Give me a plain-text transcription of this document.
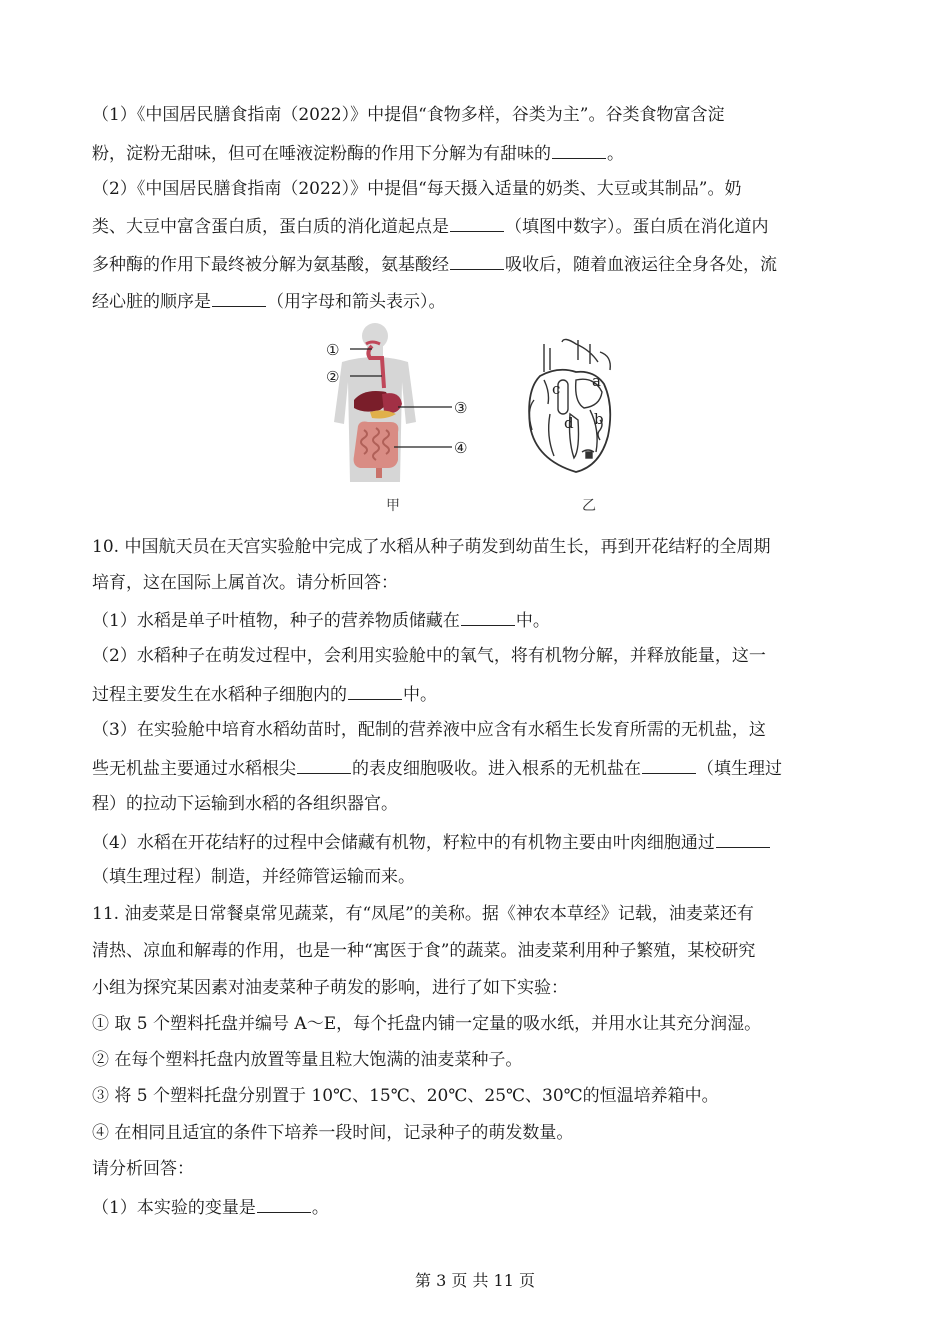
（1）《中国居民膳食指南（2022）》中提倡“食物多样，谷类为主”。谷类食物富含淀
粉，淀粉无甜味，但可在唾液淀粉酶的作用下分解为有甜味的	。
（2）《中国居民膳食指南（2022）》中提倡“每天摄入适量的奶类、大豆或其制品”。奶
类、大豆中富含蛋白质，蛋白质的消化道起点是	（填图中数字）。蛋白质在消化道内
多种酶的作用下最终被分解为氨基酸，氨基酸经	吸收后，随着血液运往全身各处，流
经心脏的顺序是	（用字母和箭头表示）。
①
②
③
④
c a
d b
甲	乙
10. 中国航天员在天宫实验舱中完成了水稻从种子萌发到幼苗生长，再到开花结籽的全周期
培育，这在国际上属首次。请分析回答：
（1）水稻是单子叶植物，种子的营养物质储藏在	中。
（2）水稻种子在萌发过程中，会利用实验舱中的氧气，将有机物分解，并释放能量，这一
过程主要发生在水稻种子细胞内的	中。
（3）在实验舱中培育水稻幼苗时，配制的营养液中应含有水稻生长发育所需的无机盐，这
些无机盐主要通过水稻根尖	的表皮细胞吸收。进入根系的无机盐在	（填生理过
程）的拉动下运输到水稻的各组织器官。
（4）水稻在开花结籽的过程中会储藏有机物，籽粒中的有机物主要由叶肉细胞通过
（填生理过程）制造，并经筛管运输而来。
11. 油麦菜是日常餐桌常见蔬菜，有“凤尾”的美称。据《神农本草经》记载，油麦菜还有
清热、凉血和解毒的作用，也是一种“寓医于食”的蔬菜。油麦菜利用种子繁殖，某校研究
小组为探究某因素对油麦菜种子萌发的影响，进行了如下实验：
① 取 5 个塑料托盘并编号 A～E，每个托盘内铺一定量的吸水纸，并用水让其充分润湿。
② 在每个塑料托盘内放置等量且粒大饱满的油麦菜种子。
③ 将 5 个塑料托盘分别置于 10℃、15℃、20℃、25℃、30℃的恒温培养箱中。
④ 在相同且适宜的条件下培养一段时间，记录种子的萌发数量。
请分析回答：
（1）本实验的变量是	。
第 3 页 共 11 页
